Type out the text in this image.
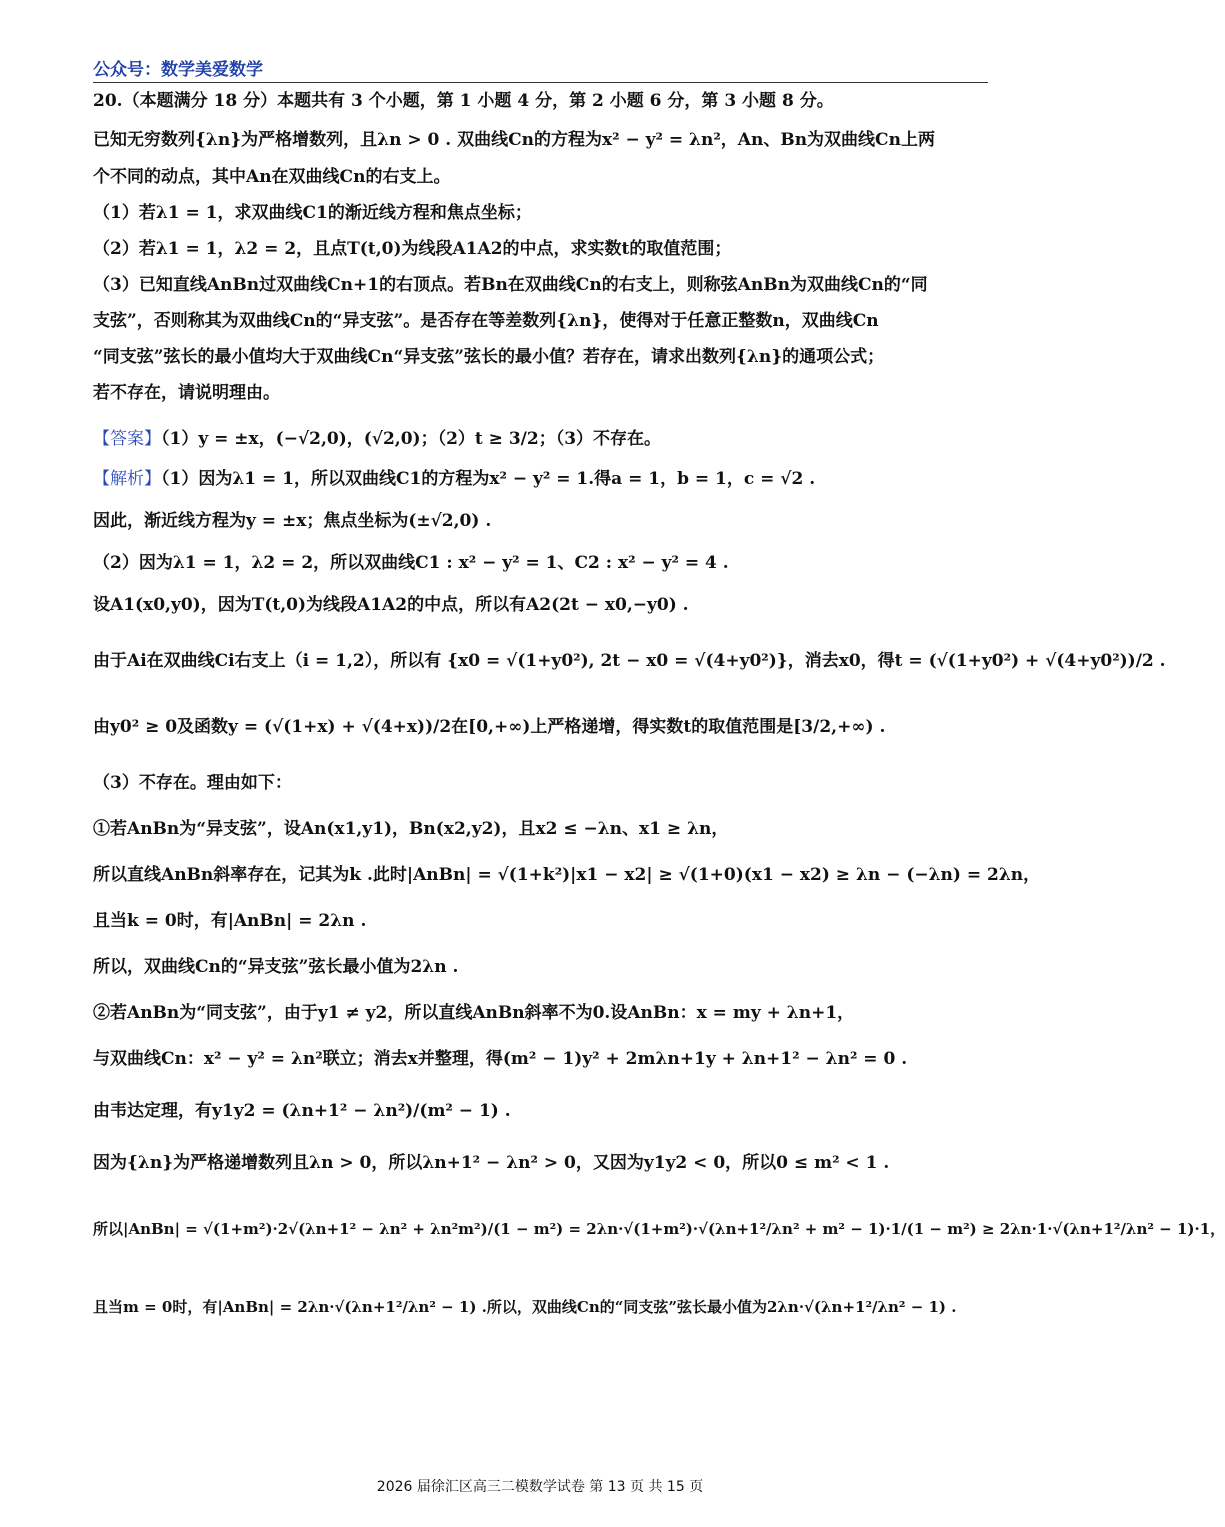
公众号：数学美爱数学
20.（本题满分 18 分）本题共有 3 个小题，第 1 小题 4 分，第 2 小题 6 分，第 3 小题 8 分。
已知无穷数列{λn}为严格增数列，且λn > 0 . 双曲线Cn的方程为x² − y² = λn²，An、Bn为双曲线Cn上两
个不同的动点，其中An在双曲线Cn的右支上。
（1）若λ1 = 1，求双曲线C1的渐近线方程和焦点坐标；
（2）若λ1 = 1，λ2 = 2，且点T(t,0)为线段A1A2的中点，求实数t的取值范围；
（3）已知直线AnBn过双曲线Cn+1的右顶点。若Bn在双曲线Cn的右支上，则称弦AnBn为双曲线Cn的“同
支弦”，否则称其为双曲线Cn的“异支弦”。是否存在等差数列{λn}，使得对于任意正整数n，双曲线Cn
“同支弦”弦长的最小值均大于双曲线Cn“异支弦”弦长的最小值？若存在，请求出数列{λn}的通项公式；
若不存在，请说明理由。
【答案】（1）y = ±x，(−√2,0)，(√2,0)；（2）t ≥ 3/2；（3）不存在。
【解析】（1）因为λ1 = 1，所以双曲线C1的方程为x² − y² = 1.得a = 1，b = 1，c = √2 .
因此，渐近线方程为y = ±x；焦点坐标为(±√2,0) .
（2）因为λ1 = 1，λ2 = 2，所以双曲线C1 : x² − y² = 1、C2 : x² − y² = 4 .
设A1(x0,y0)，因为T(t,0)为线段A1A2的中点，所以有A2(2t − x0,−y0) .
由于Ai在双曲线Ci右支上（i = 1,2），所以有 {x0 = √(1+y0²), 2t − x0 = √(4+y0²)}，消去x0，得t = (√(1+y0²) + √(4+y0²))/2 .
由y0² ≥ 0及函数y = (√(1+x) + √(4+x))/2在[0,+∞)上严格递增，得实数t的取值范围是[3/2,+∞) .
（3）不存在。理由如下：
①若AnBn为“异支弦”，设An(x1,y1)，Bn(x2,y2)，且x2 ≤ −λn、x1 ≥ λn，
所以直线AnBn斜率存在，记其为k .此时|AnBn| = √(1+k²)|x1 − x2| ≥ √(1+0)(x1 − x2) ≥ λn − (−λn) = 2λn，
且当k = 0时，有|AnBn| = 2λn .
所以，双曲线Cn的“异支弦”弦长最小值为2λn .
②若AnBn为“同支弦”，由于y1 ≠ y2，所以直线AnBn斜率不为0.设AnBn：x = my + λn+1，
与双曲线Cn：x² − y² = λn²联立；消去x并整理，得(m² − 1)y² + 2mλn+1y + λn+1² − λn² = 0 .
由韦达定理，有y1y2 = (λn+1² − λn²)/(m² − 1) .
因为{λn}为严格递增数列且λn > 0，所以λn+1² − λn² > 0，又因为y1y2 < 0，所以0 ≤ m² < 1 .
所以|AnBn| = √(1+m²)·2√(λn+1² − λn² + λn²m²)/(1 − m²) = 2λn·√(1+m²)·√(λn+1²/λn² + m² − 1)·1/(1 − m²) ≥ 2λn·1·√(λn+1²/λn² − 1)·1，
且当m = 0时，有|AnBn| = 2λn·√(λn+1²/λn² − 1) .所以，双曲线Cn的“同支弦”弦长最小值为2λn·√(λn+1²/λn² − 1) .
2026 届徐汇区高三二模数学试卷 第 13 页 共 15 页
